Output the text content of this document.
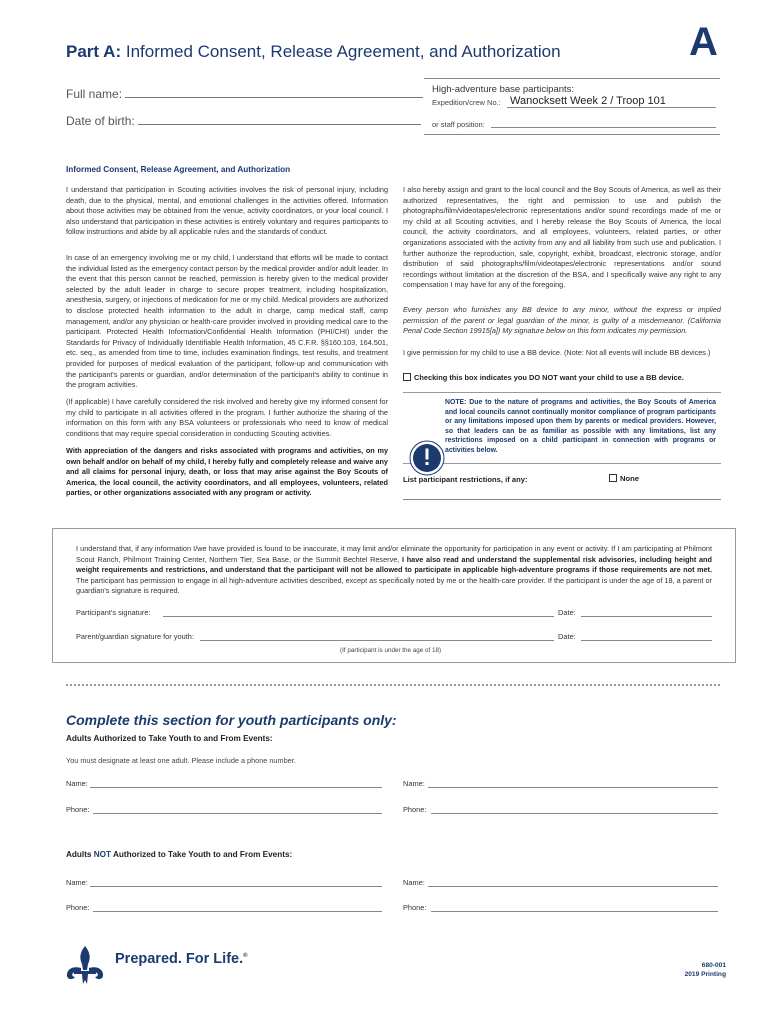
Part A: Informed Consent, Release Agreement, and Authorization	A
Full name:
Date of birth:
High-adventure base participants:
Expedition/crew No.: Wanocksett Week 2 / Troop 101
or staff position:
Informed Consent, Release Agreement, and Authorization
I understand that participation in Scouting activities involves the risk of personal injury, including death, due to the physical, mental, and emotional challenges in the activities offered. Information about those activities may be obtained from the venue, activity coordinators, or your local council. I also understand that participation in these activities is entirely voluntary and requires participants to follow instructions and abide by all applicable rules and the standards of conduct.
In case of an emergency involving me or my child, I understand that efforts will be made to contact the individual listed as the emergency contact person by the medical provider and/or adult leader. In the event that this person cannot be reached, permission is hereby given to the medical provider selected by the adult leader in charge to secure proper treatment, including hospitalization, anesthesia, surgery, or injections of medication for me or my child. Medical providers are authorized to disclose protected health information to the adult in charge, camp medical staff, camp management, and/or any physician or health-care provider involved in providing medical care to the participant. Protected Health Information/Confidential Health Information (PHI/CHI) under the Standards for Privacy of Individually Identifiable Health Information, 45 C.F.R. §§160.103, 164.501, etc. seq., as amended from time to time, includes examination findings, test results, and treatment provided for purposes of medical evaluation of the participant, follow-up and communication with the participant's parents or guardian, and/or determination of the participant's ability to continue in the program activities.
(If applicable) I have carefully considered the risk involved and hereby give my informed consent for my child to participate in all activities offered in the program. I further authorize the sharing of the information on this form with any BSA volunteers or professionals who need to know of medical conditions that may require special consideration in conducting Scouting activities.
With appreciation of the dangers and risks associated with programs and activities, on my own behalf and/or on behalf of my child, I hereby fully and completely release and waive any and all claims for personal injury, death, or loss that may arise against the Boy Scouts of America, the local council, the activity coordinators, and all employees, volunteers, related parties, or other organizations associated with any program or activity.
I also hereby assign and grant to the local council and the Boy Scouts of America, as well as their authorized representatives, the right and permission to use and publish the photographs/film/videotapes/electronic representations and/or sound recordings made of me or my child at all Scouting activities, and I hereby release the Boy Scouts of America, the local council, the activity coordinators, and all employees, volunteers, related parties, or other organizations associated with the activity from any and all liability from such use and publication. I further authorize the reproduction, sale, copyright, exhibit, broadcast, electronic storage, and/or distribution of said photographs/film/videotapes/electronic representations and/or sound recordings without limitation at the discretion of the BSA, and I specifically waive any right to any compensation I may have for any of the foregoing.
Every person who furnishes any BB device to any minor, without the express or implied permission of the parent or legal guardian of the minor, is guilty of a misdemeanor. (California Penal Code Section 19915[a]) My signature below on this form indicates my permission.
I give permission for my child to use a BB device. (Note: Not all events will include BB devices.)
Checking this box indicates you DO NOT want your child to use a BB device.
NOTE: Due to the nature of programs and activities, the Boy Scouts of America and local councils cannot continually monitor compliance of program participants or any limitations imposed upon them by parents or medical providers. However, so that leaders can be as familiar as possible with any limitations, list any restrictions imposed on a child participant in connection with programs or activities below.
List participant restrictions, if any:	None
I understand that, if any information I/we have provided is found to be inaccurate, it may limit and/or eliminate the opportunity for participation in any event or activity. If I am participating at Philmont Scout Ranch, Philmont Training Center, Northern Tier, Sea Base, or the Summit Bechtel Reserve, I have also read and understand the supplemental risk advisories, including height and weight requirements and restrictions, and understand that the participant will not be allowed to participate in applicable high-adventure programs if those requirements are not met. The participant has permission to engage in all high-adventure activities described, except as specifically noted by me or the health-care provider. If the participant is under the age of 18, a parent or guardian's signature is required.
Participant's signature:	Date:
Parent/guardian signature for youth:	Date:
(If participant is under the age of 18)
Complete this section for youth participants only:
Adults Authorized to Take Youth to and From Events:
You must designate at least one adult. Please include a phone number.
Name:	Name:
Phone:	Phone:
Adults NOT Authorized to Take Youth to and From Events:
Name:	Name:
Phone:	Phone:
Prepared. For Life.®
680-001
2019 Printing
